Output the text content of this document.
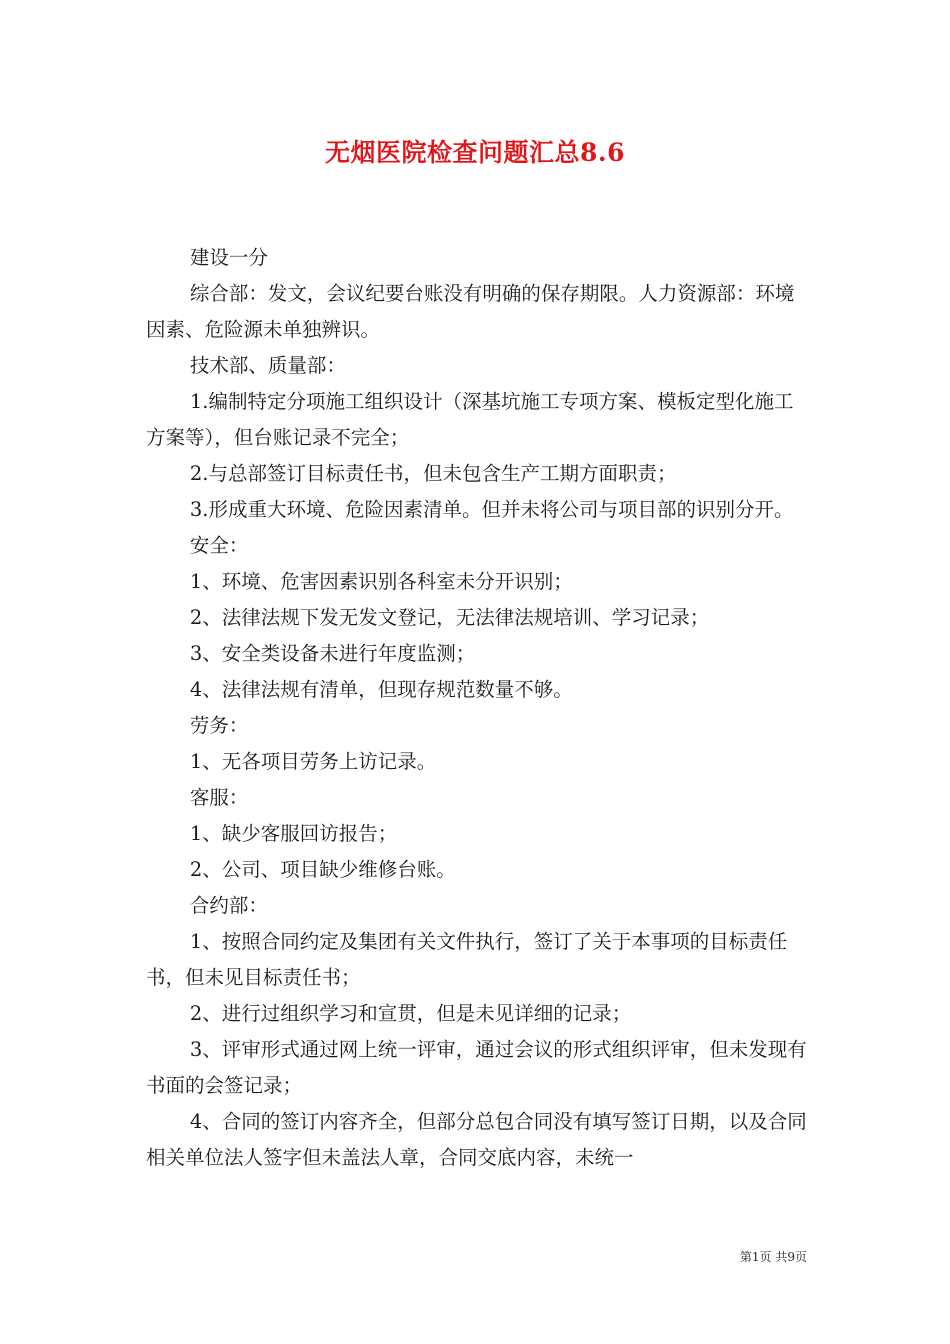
无烟医院检查问题汇总8.6

建设一分

综合部：发文，会议纪要台账没有明确的保存期限。人力资源部：环境因素、危险源未单独辨识。

技术部、质量部：

1.编制特定分项施工组织设计（深基坑施工专项方案、模板定型化施工方案等），但台账记录不完全；

2.与总部签订目标责任书，但未包含生产工期方面职责；

3.形成重大环境、危险因素清单。但并未将公司与项目部的识别分开。

安全：

1、环境、危害因素识别各科室未分开识别；

2、法律法规下发无发文登记，无法律法规培训、学习记录；

3、安全类设备未进行年度监测；

4、法律法规有清单，但现存规范数量不够。

劳务：

1、无各项目劳务上访记录。

客服：

1、缺少客服回访报告；

2、公司、项目缺少维修台账。

合约部：

1、按照合同约定及集团有关文件执行，签订了关于本事项的目标责任书，但未见目标责任书；

2、进行过组织学习和宣贯，但是未见详细的记录；

3、评审形式通过网上统一评审，通过会议的形式组织评审，但未发现有书面的会签记录；

4、合同的签订内容齐全，但部分总包合同没有填写签订日期，以及合同相关单位法人签字但未盖法人章，合同交底内容，未统一

第1页 共9页
